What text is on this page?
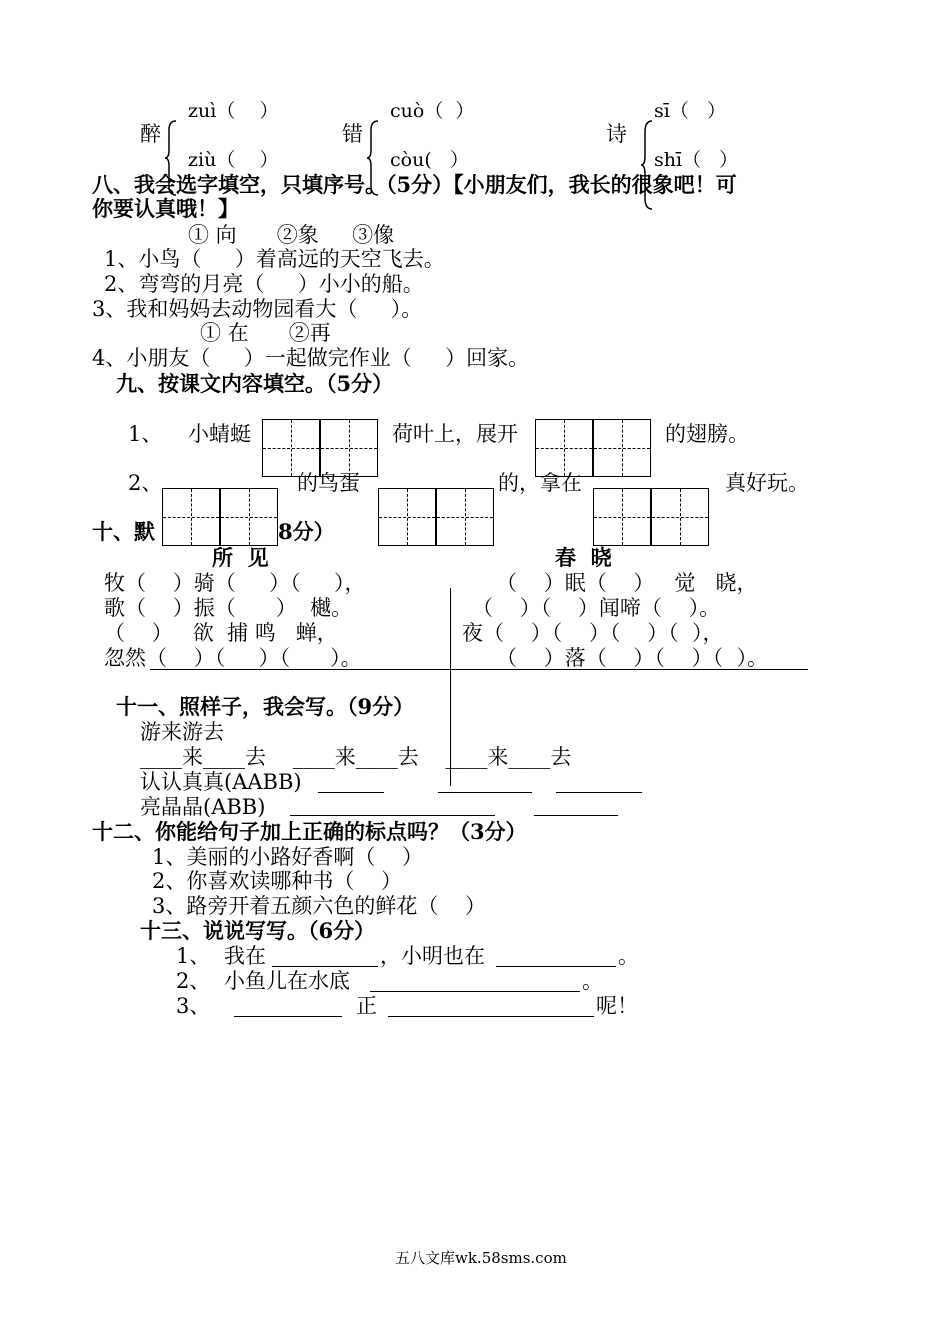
zuì（    ）
醉
ziù（    ）
cuò（  ）
错
còu(   ）
sī（   ）
诗
shī（   ）
八、我会选字填空，只填序号。（5分）【小朋友们，我长的很象吧！可
你要认真哦！】
① 向      ②象     ③像
1、小鸟（     ）着高远的天空飞去。
2、弯弯的月亮（     ）小小的船。
3、我和妈妈去动物园看大（     ）。
① 在      ②再
4、小朋友（     ）一起做完作业（     ）回家。
九、按课文内容填空。（5分）
1、 小蜻蜓	荷叶上，展开	的翅膀。
2、	的鸟蛋	的，拿在	真好玩。
十、默	8分）
所  见	春  晓
牧（    ）骑（     ）（     ），
歌（    ）振（      ）  樾。
（    ）   欲  捕 鸣   蝉，
忽然（    ）（     ）（      ）。
（    ）眠（    ）   觉   晓，
（    ）（    ）闻啼（    ）。
夜（    ）（    ）（    ）（  ），
（    ）落（    ）（    ）（  ）。
十一、照样子，我会写。（9分）
游来游去
____来____去    ____来____去    ____来____去
认认真真(AABB)
亮晶晶(ABB)
十二、你能给句子加上正确的标点吗？（3分）
1、美丽的小路好香啊（    ）
2、你喜欢读哪种书（    ）
3、路旁开着五颜六色的鲜花（    ）
十三、说说写写。（6分）
1、 我在	，小明也在	。
2、 小鱼儿在水底	。
3、	正	呢！
五八文库wk.58sms.com
